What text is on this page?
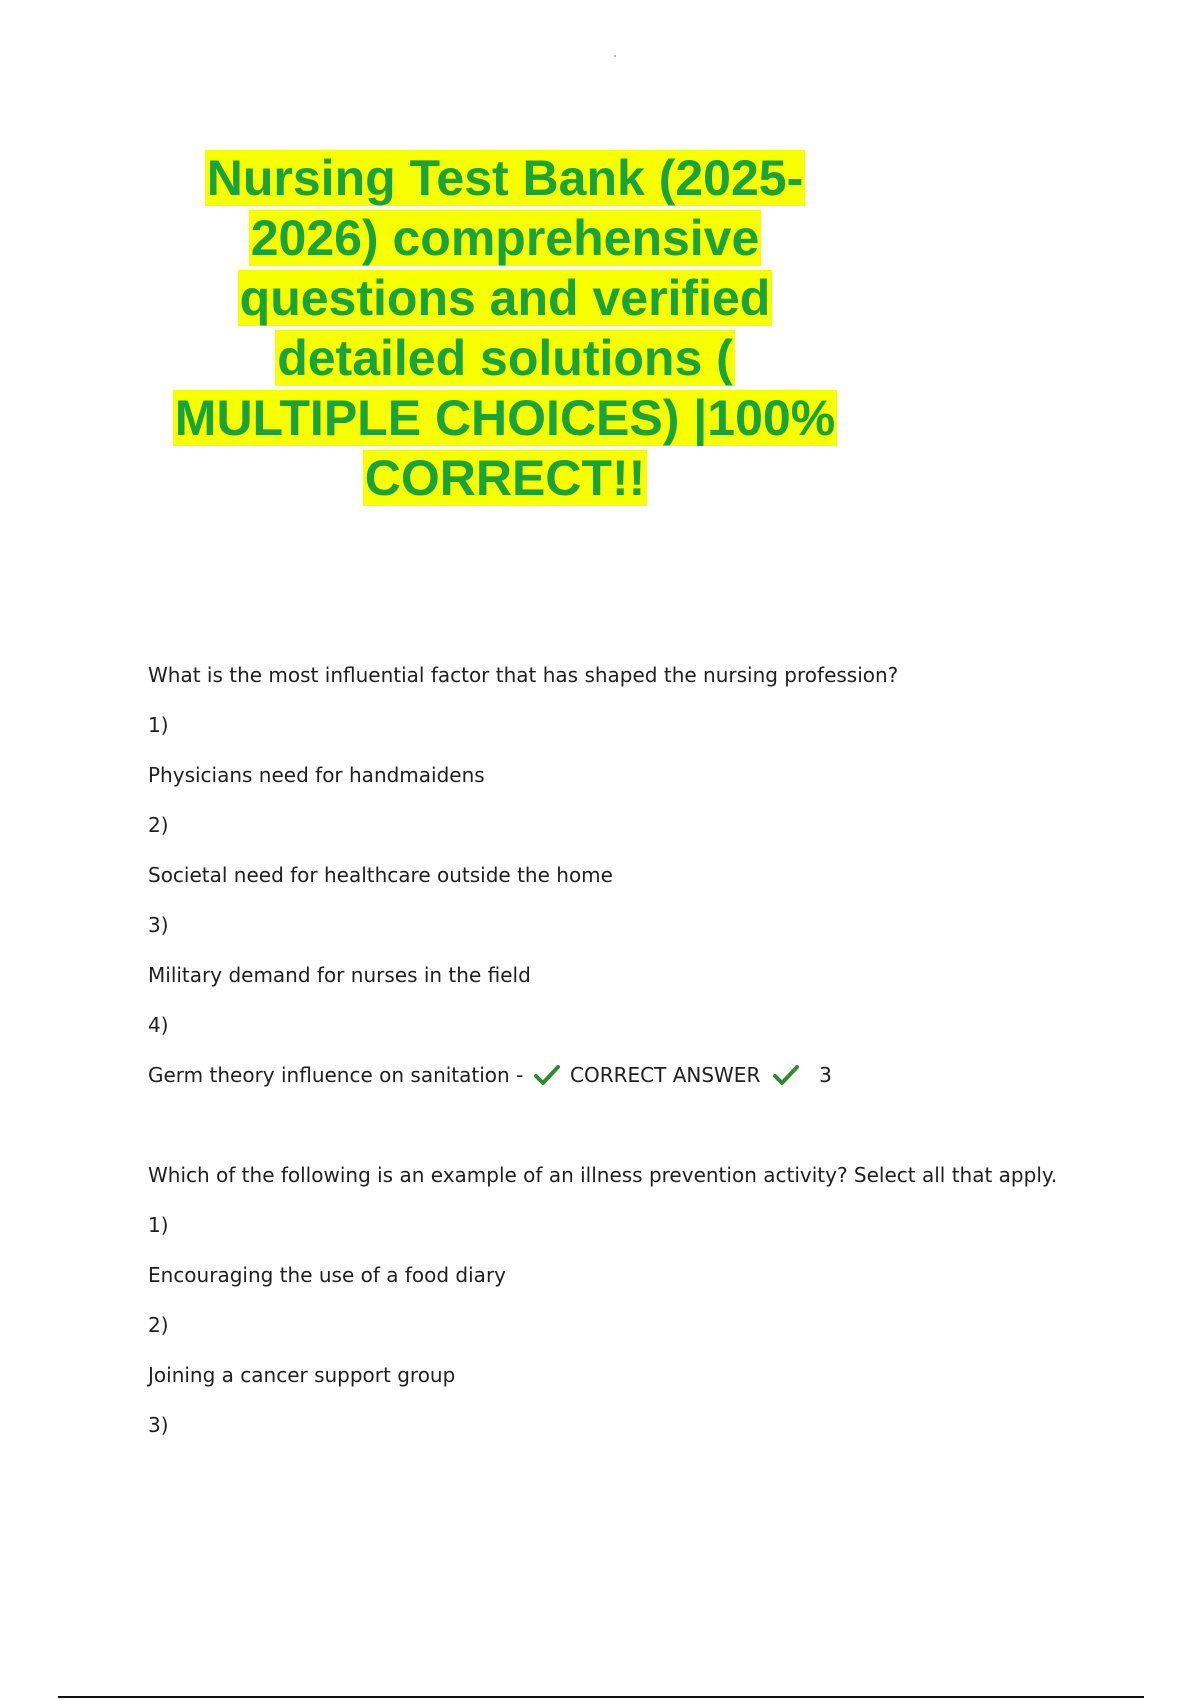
Nursing Test Bank (2025-
2026) comprehensive
questions and verified
detailed solutions (
MULTIPLE CHOICES) |100%
CORRECT!!
What is the most influential factor that has shaped the nursing profession?
1)
Physicians need for handmaidens
2)
Societal need for healthcare outside the home
3)
Military demand for nurses in the field
4)
Germ theory influence on sanitation - CORRECT ANSWER	3
Which of the following is an example of an illness prevention activity? Select all that apply.
1)
Encouraging the use of a food diary
2)
Joining a cancer support group
3)
